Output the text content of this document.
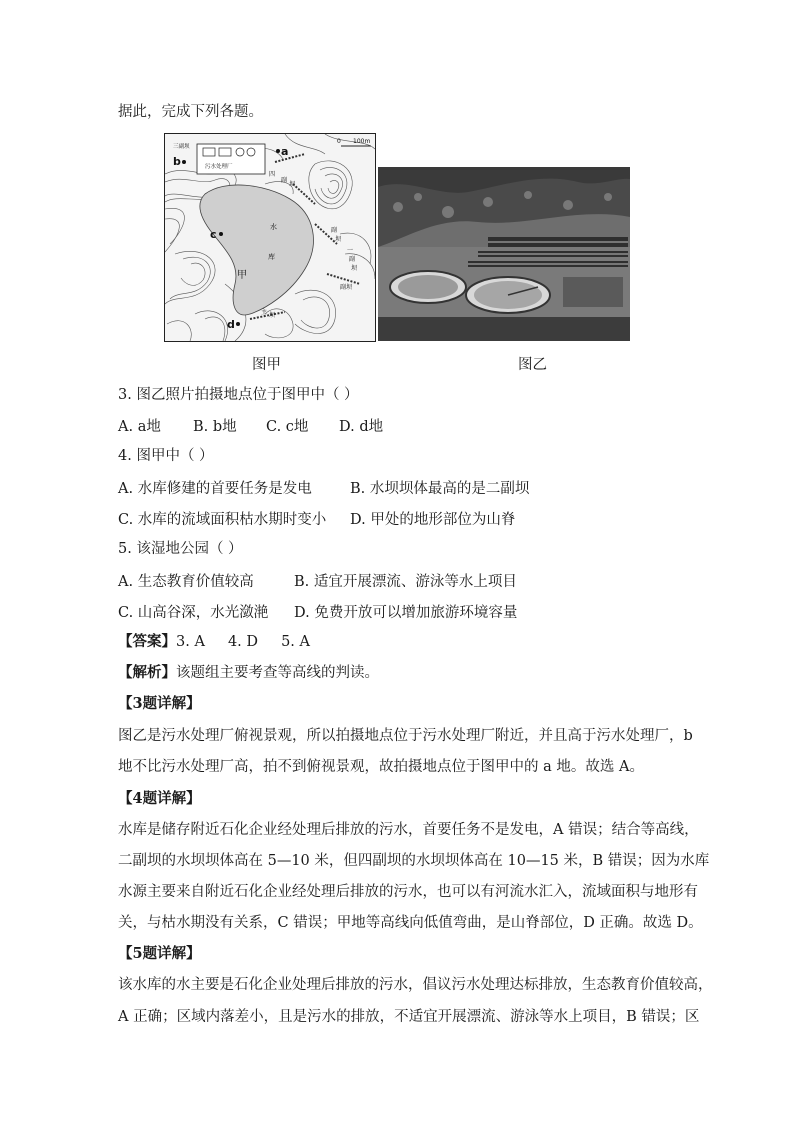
据此，完成下列各题。
a
b
c
d
甲
水
库
0 100m
污水处理厂
三副坝
四
副
坝
副
坝
一
副
坝
副坝
主 坝
图甲	图乙
3. 图乙照片拍摄地点位于图甲中（ ）
A. a地 B. b地 C. c地 D. d地
4. 图甲中（ ）
A. 水库修建的首要任务是发电	B. 水坝坝体最高的是二副坝
C. 水库的流域面积枯水期时变小 D. 甲处的地形部位为山脊
5. 该湿地公园（ ）
A. 生态教育价值较高	B. 适宜开展漂流、游泳等水上项目
C. 山高谷深，水光潋滟 D. 免费开放可以增加旅游环境容量
【答案】3. A     4. D     5. A
【解析】该题组主要考查等高线的判读。
【3题详解】
图乙是污水处理厂俯视景观，所以拍摄地点位于污水处理厂附近，并且高于污水处理厂，b
地不比污水处理厂高，拍不到俯视景观，故拍摄地点位于图甲中的 a 地。故选 A。
【4题详解】
水库是储存附近石化企业经处理后排放的污水，首要任务不是发电，A 错误；结合等高线，
二副坝的水坝坝体高在 5—10 米，但四副坝的水坝坝体高在 10—15 米，B 错误；因为水库
水源主要来自附近石化企业经处理后排放的污水，也可以有河流水汇入，流域面积与地形有
关，与枯水期没有关系，C 错误；甲地等高线向低值弯曲，是山脊部位，D 正确。故选 D。
【5题详解】
该水库的水主要是石化企业处理后排放的污水，倡议污水处理达标排放，生态教育价值较高，
A 正确；区域内落差小，且是污水的排放，不适宜开展漂流、游泳等水上项目，B 错误；区
